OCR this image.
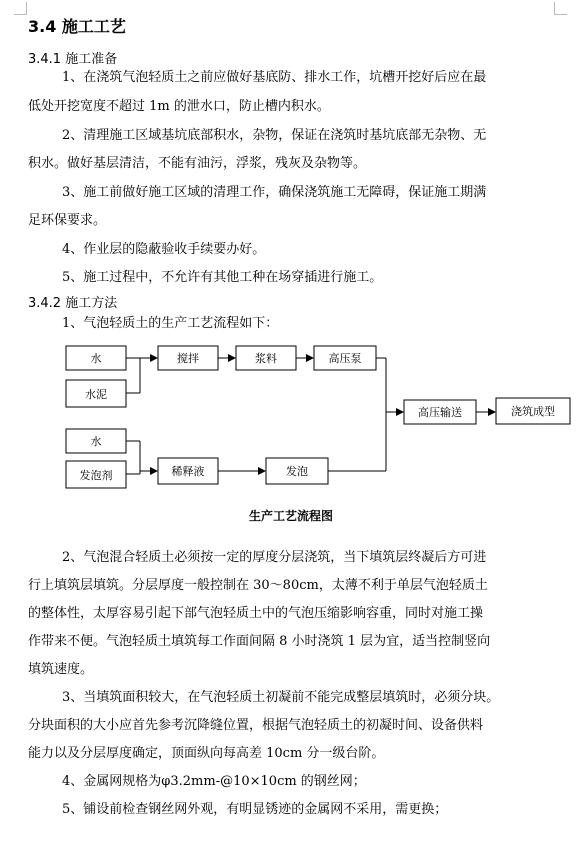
3.4 施工工艺
3.4.1 施工准备
1、在浇筑气泡轻质土之前应做好基底防、排水工作，坑槽开挖好后应在最
低处开挖宽度不超过 1m 的泄水口，防止槽内积水。
2、清理施工区域基坑底部积水，杂物，保证在浇筑时基坑底部无杂物、无
积水。做好基层清洁，不能有油污，浮浆，残灰及杂物等。
3、施工前做好施工区域的清理工作，确保浇筑施工无障碍，保证施工期满
足环保要求。
4、作业层的隐蔽验收手续要办好。
5、施工过程中，不允许有其他工种在场穿插进行施工。
3.4.2 施工方法
1、气泡轻质土的生产工艺流程如下：
水
水泥
水
发泡剂
搅拌	浆料	高压泵
稀释液	发泡
高压输送	浇筑成型
生产工艺流程图
2、气泡混合轻质土必须按一定的厚度分层浇筑，当下填筑层终凝后方可进
行上填筑层填筑。分层厚度一般控制在 30～80cm，太薄不利于单层气泡轻质土
的整体性，太厚容易引起下部气泡轻质土中的气泡压缩影响容重，同时对施工操
作带来不便。气泡轻质土填筑每工作面间隔 8 小时浇筑 1 层为宜，适当控制竖向
填筑速度。
3、当填筑面积较大，在气泡轻质土初凝前不能完成整层填筑时，必须分块。
分块面积的大小应首先参考沉降缝位置，根据气泡轻质土的初凝时间、设备供料
能力以及分层厚度确定，顶面纵向每高差 10cm 分一级台阶。
4、金属网规格为φ3.2mm-@10×10cm 的钢丝网；
5、铺设前检查钢丝网外观，有明显锈迹的金属网不采用，需更换；
